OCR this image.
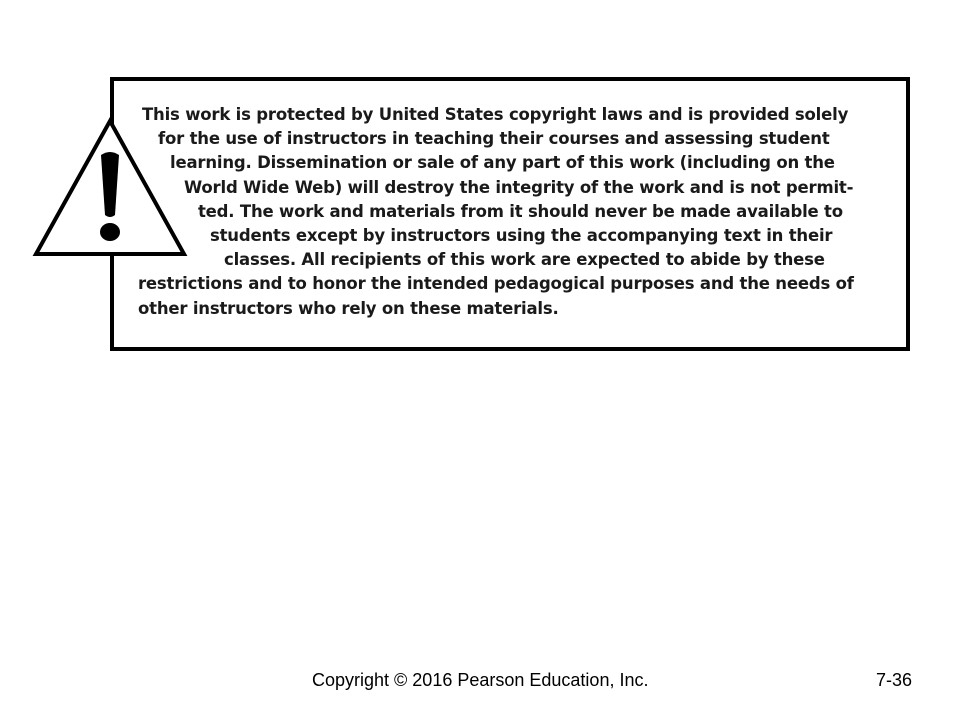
This work is protected by United States copyright laws and is provided solely
for the use of instructors in teaching their courses and assessing student
learning. Dissemination or sale of any part of this work (including on the
World Wide Web) will destroy the integrity of the work and is not permit-
ted. The work and materials from it should never be made available to
students except by instructors using the accompanying text in their
classes. All recipients of this work are expected to abide by these
restrictions and to honor the intended pedagogical purposes and the needs of
other instructors who rely on these materials.
Copyright © 2016 Pearson Education, Inc.	7-36
